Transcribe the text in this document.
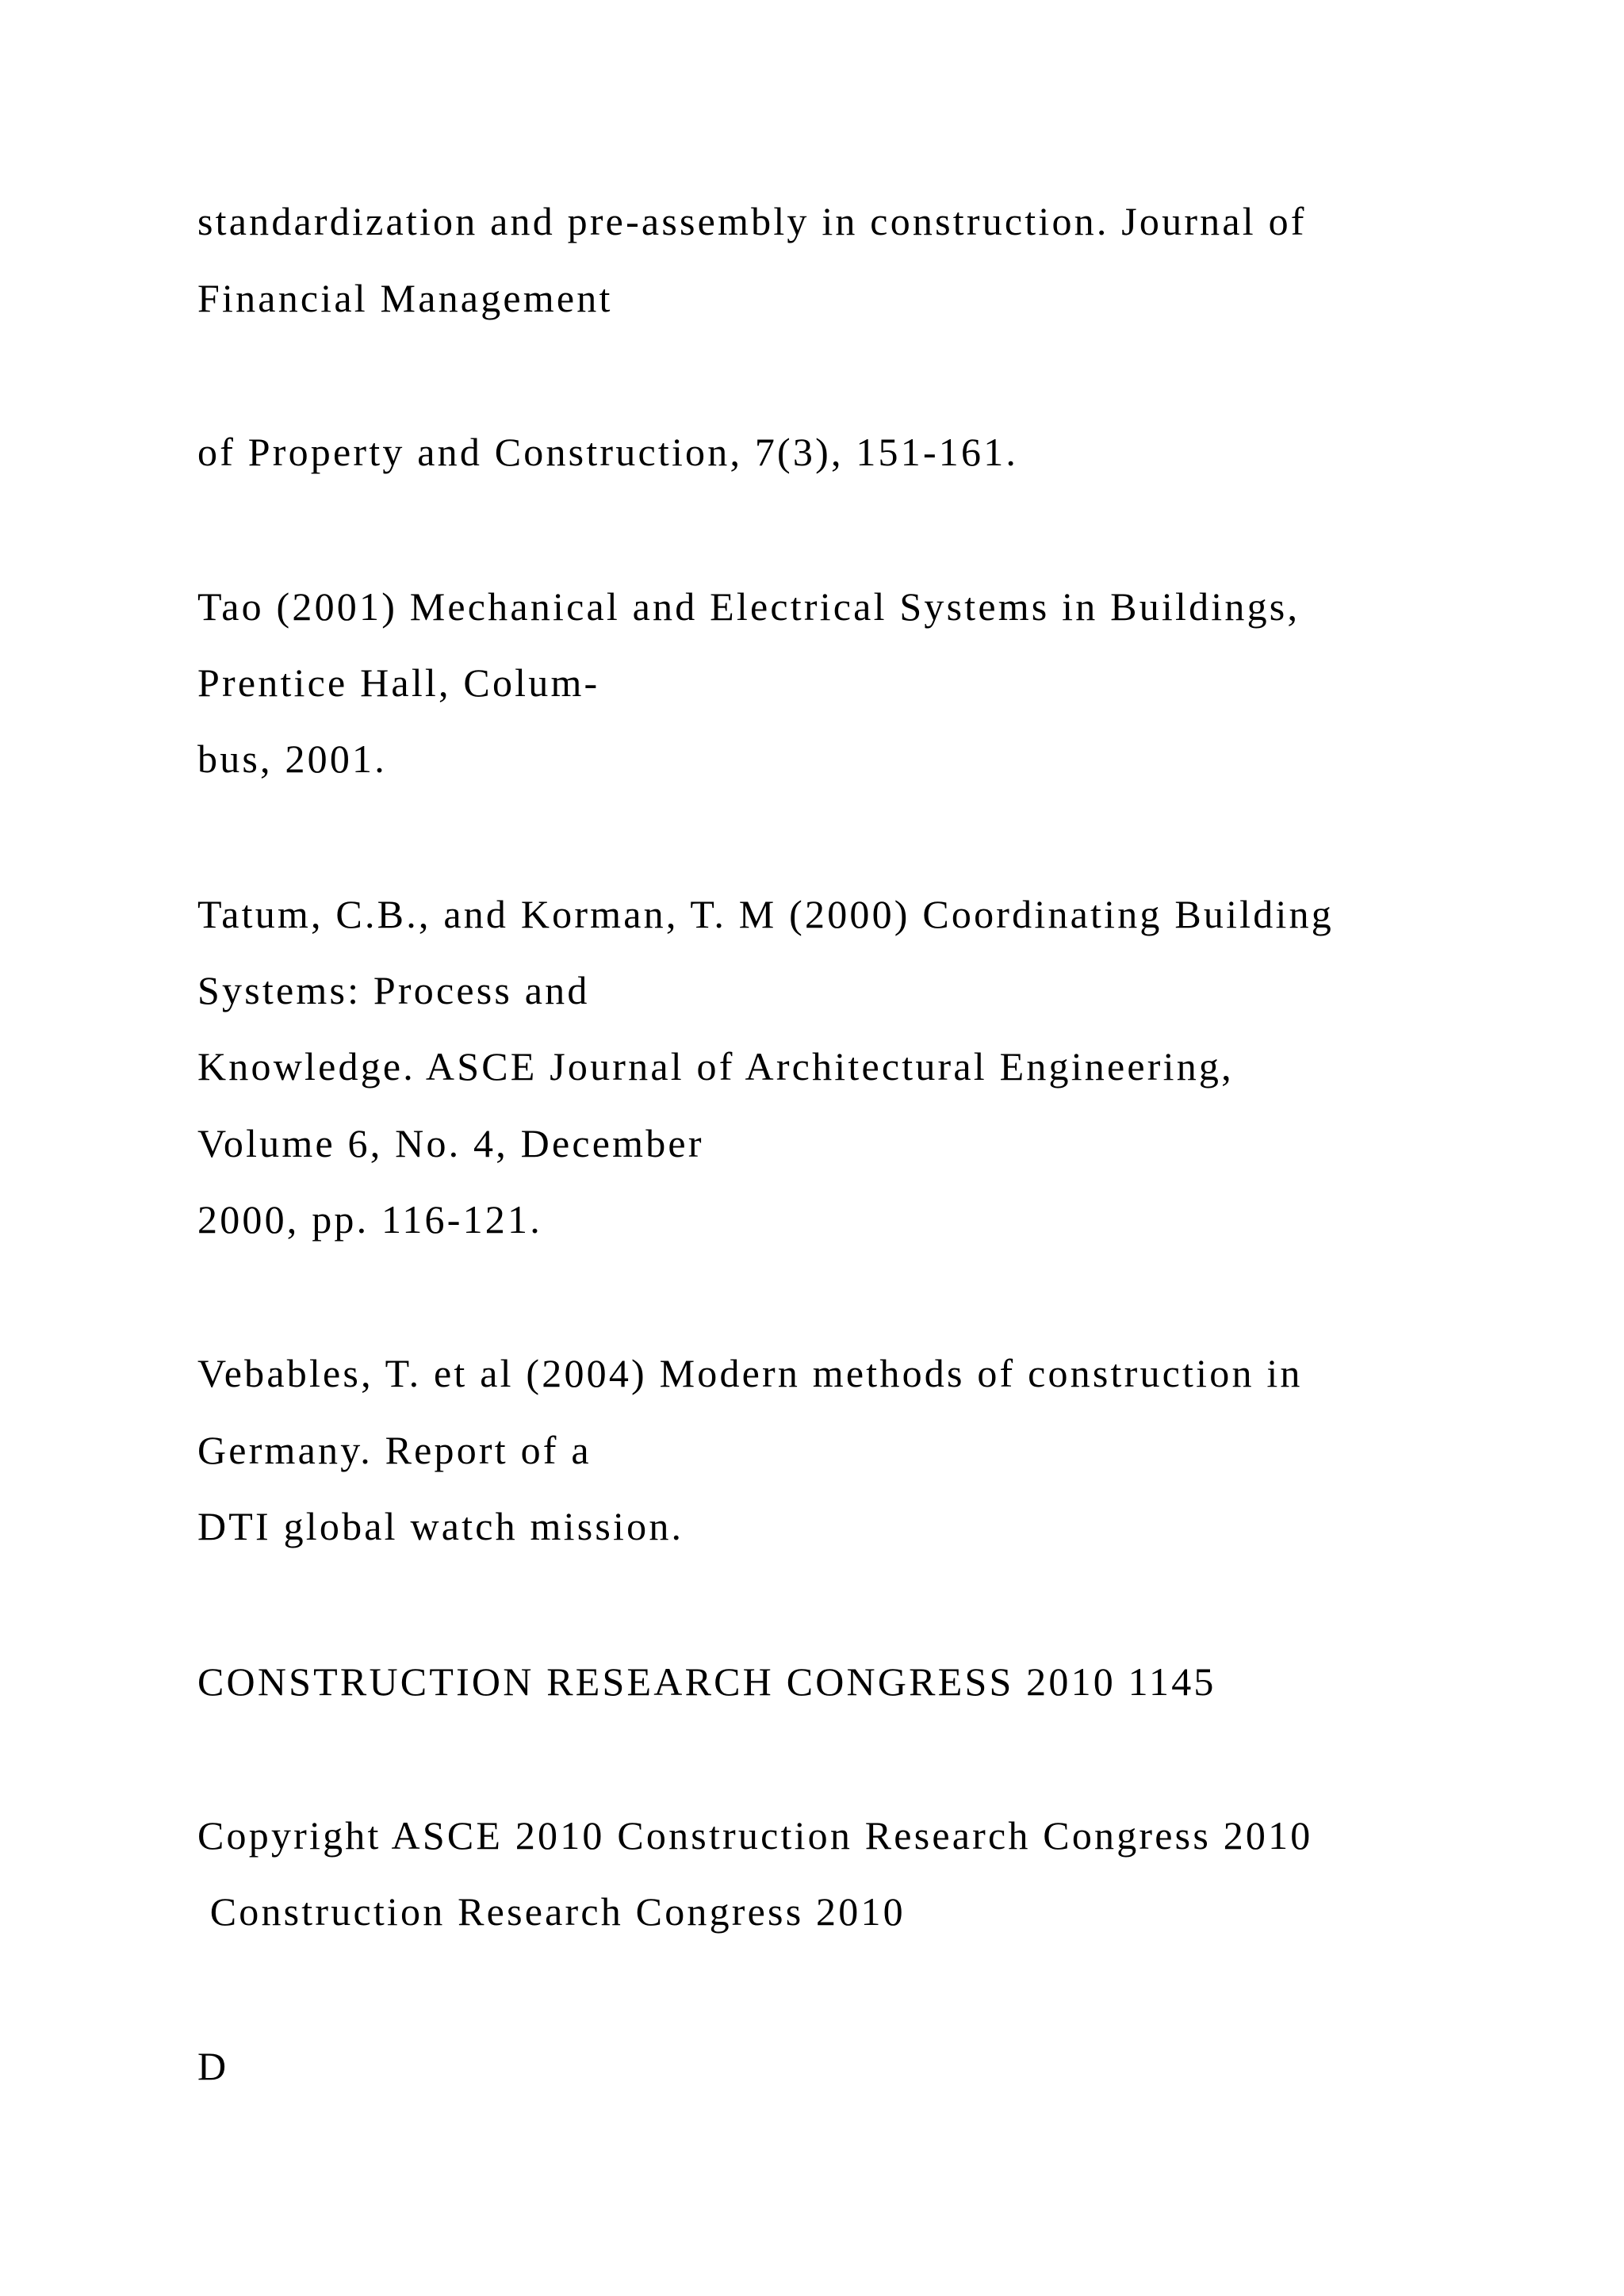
standardization and pre-assembly in construction. Journal of

Financial Management

of Property and Construction, 7(3), 151-161.

Tao (2001) Mechanical and Electrical Systems in Buildings,

Prentice Hall, Colum-

bus, 2001.

Tatum, C.B., and Korman, T. M (2000) Coordinating Building

Systems: Process and

Knowledge. ASCE Journal of Architectural Engineering,

Volume 6, No. 4, December

2000, pp. 116-121.

Vebables, T. et al (2004) Modern methods of construction in

Germany. Report of a

DTI global watch mission.

CONSTRUCTION RESEARCH CONGRESS 2010 1145

Copyright ASCE 2010 Construction Research Congress 2010

Construction Research Congress 2010

D
